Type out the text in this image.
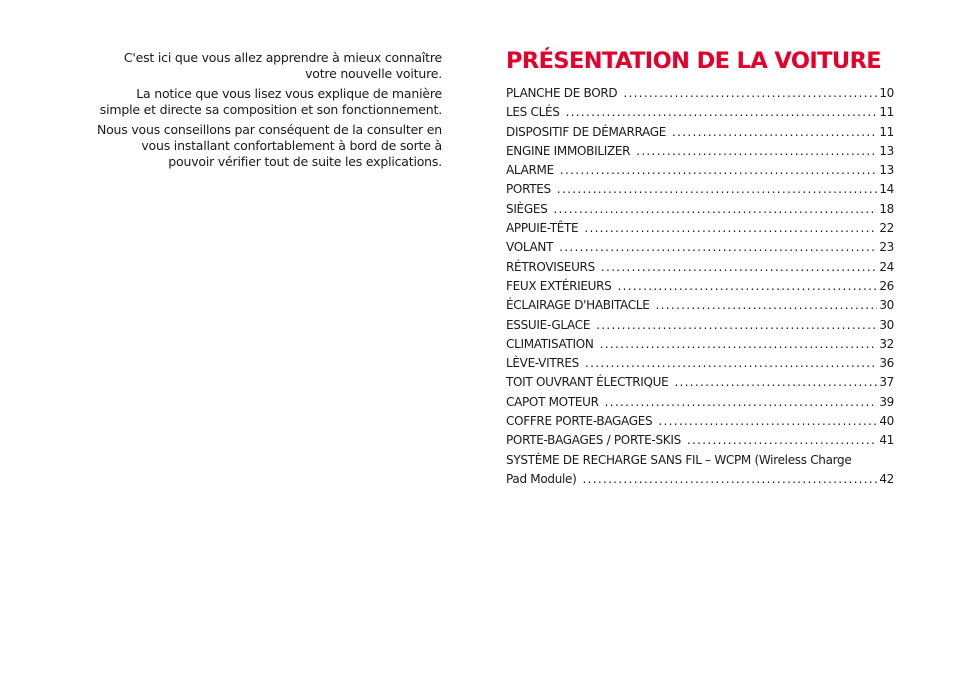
C'est ici que vous allez apprendre à mieux connaître votre nouvelle voiture.

La notice que vous lisez vous explique de manière simple et directe sa composition et son fonctionnement.

Nous vous conseillons par conséquent de la consulter en vous installant confortablement à bord de sorte à pouvoir vérifier tout de suite les explications.

PRÉSENTATION DE LA VOITURE
PLANCHE DE BORD .....	10
LES CLÉS .....	11
DISPOSITIF DE DÉMARRAGE .....	11
ENGINE IMMOBILIZER .....	13
ALARME .....	13
PORTES .....	14
SIÈGES .....	18
APPUIE-TÊTE .....	22
VOLANT .....	23
RÉTROVISEURS .....	24
FEUX EXTÉRIEURS .....	26
ÉCLAIRAGE D'HABITACLE .....	30
ESSUIE-GLACE .....	30
CLIMATISATION .....	32
LÈVE-VITRES .....	36
TOIT OUVRANT ÉLECTRIQUE .....	37
CAPOT MOTEUR .....	39
COFFRE PORTE-BAGAGES .....	40
PORTE-BAGAGES / PORTE-SKIS .....	41
SYSTÈME DE RECHARGE SANS FIL – WCPM (Wireless Charge
Pad Module) .....	42
